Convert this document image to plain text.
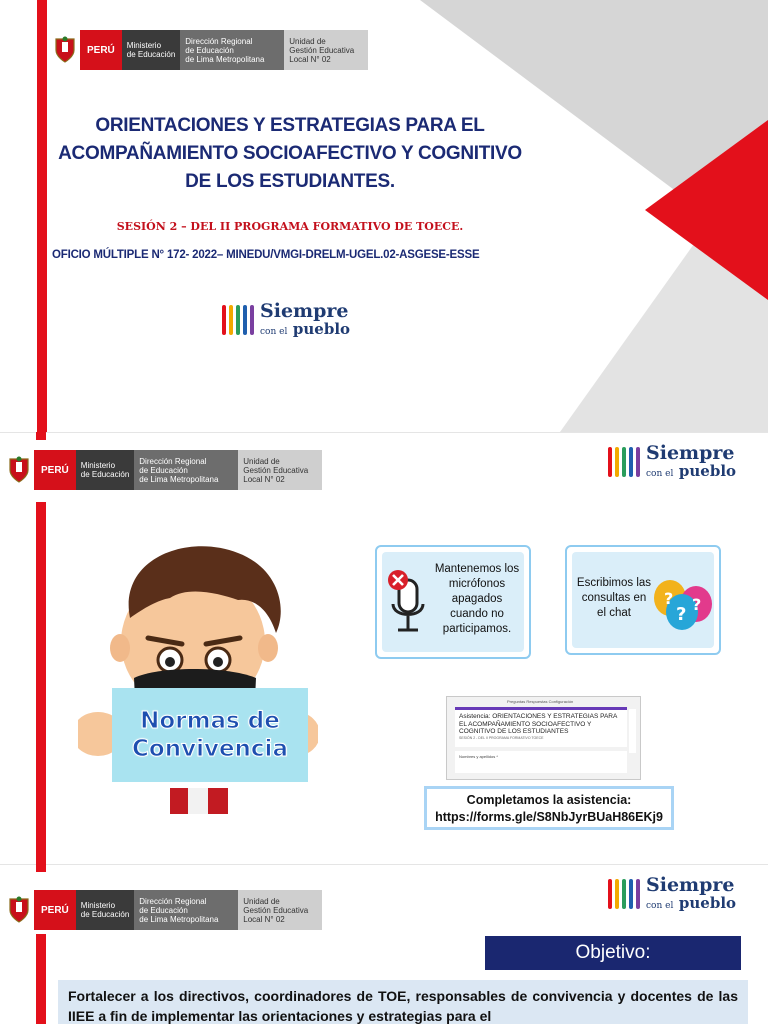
PERÚ	Ministerio
de Educación
Dirección Regional
de Educación
de Lima Metropolitana
Unidad de
Gestión Educativa
Local N° 02
ORIENTACIONES Y ESTRATEGIAS PARA EL
ACOMPAÑAMIENTO SOCIOAFECTIVO Y COGNITIVO
DE LOS ESTUDIANTES.
SESIÓN 2 – DEL II PROGRAMA FORMATIVO DE TOECE.
OFICIO MÚLTIPLE N° 172- 2022– MINEDU/VMGI-DRELM-UGEL.02-ASGESE-ESSE
Siempre
con el pueblo
PERÚ	Ministerio
de Educación
Dirección Regional
de Educación
de Lima Metropolitana
Unidad de
Gestión Educativa
Local N° 02
Siempre
con el pueblo
Normas de
Convivencia
Mantenemos los micrófonos apagados cuando no participamos.
Escribimos las consultas en el chat
?
? ?
Preguntas Respuestas Configuración
Asistencia: ORIENTACIONES Y ESTRATEGIAS PARA EL ACOMPAÑAMIENTO SOCIOAFECTIVO Y COGNITIVO DE LOS ESTUDIANTES
SESIÓN 2 - DEL II PROGRAMA FORMATIVO TOECE
Nombres y apellidos *
Completamos la asistencia:
https://forms.gle/S8NbJyrBUaH86EKj9
PERÚ	Ministerio
de Educación
Dirección Regional
de Educación
de Lima Metropolitana
Unidad de
Gestión Educativa
Local N° 02
Siempre
con el pueblo
Objetivo:
Fortalecer a los directivos, coordinadores de TOE, responsables de convivencia y docentes de las IIEE a fin de implementar las orientaciones y estrategias para el
